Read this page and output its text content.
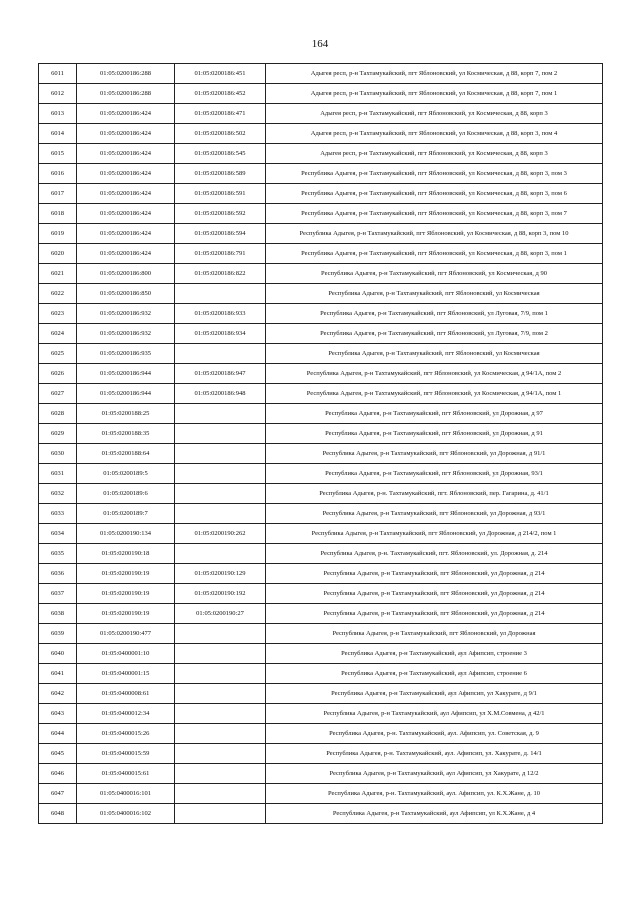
164
6011	01:05:0200186:288	01:05:0200186:451	Адыгея респ, р-н Тахтамукайский, пгт Яблоновский, ул Космическая, д 88, корп 7, пом 2
6012	01:05:0200186:288	01:05:0200186:452	Адыгея респ, р-н Тахтамукайский, пгт Яблоновский, ул Космическая, д 88, корп 7, пом 1
6013	01:05:0200186:424	01:05:0200186:471	Адыгея респ, р-н Тахтамукайский, пгт Яблоновский, ул Космическая, д 88, корп 3
6014	01:05:0200186:424	01:05:0200186:502	Адыгея респ, р-н Тахтамукайский, пгт Яблоновский, ул Космическая, д 88, корп 3, пом 4
6015	01:05:0200186:424	01:05:0200186:545	Адыгея респ, р-н Тахтамукайский, пгт Яблоновский, ул Космическая, д 88, корп 3
6016	01:05:0200186:424	01:05:0200186:589	Республика Адыгея, р-н Тахтамукайский, пгт Яблоновский, ул Космическая, д 88, корп 3, пом 3
6017	01:05:0200186:424	01:05:0200186:591	Республика Адыгея, р-н Тахтамукайский, пгт Яблоновский, ул Космическая, д 88, корп 3, пом 6
6018	01:05:0200186:424	01:05:0200186:592	Республика Адыгея, р-н Тахтамукайский, пгт Яблоновский, ул Космическая, д 88, корп 3, пом 7
6019	01:05:0200186:424	01:05:0200186:594	Республика Адыгея, р-н Тахтамукайский, пгт Яблоновский, ул Космическая, д 88, корп 3, пом 10
6020	01:05:0200186:424	01:05:0200186:791	Республика Адыгея, р-н Тахтамукайский, пгт Яблоновский, ул Космическая, д 88, корп 3, пом 1
6021	01:05:0200186:800	01:05:0200186:822	Республика Адыгея, р-н Тахтамукайский, пгт Яблоновский, ул Космическая, д 90
6022	01:05:0200186:850		Республика Адыгея, р-н Тахтамукайский, пгт Яблоновский, ул Космическая
6023	01:05:0200186:932	01:05:0200186:933	Республика Адыгея, р-н Тахтамукайский, пгт Яблоновский, ул Луговая, 7/9, пом 1
6024	01:05:0200186:932	01:05:0200186:934	Республика Адыгея, р-н Тахтамукайский, пгт Яблоновский, ул Луговая, 7/9, пом 2
6025	01:05:0200186:935		Республика Адыгея, р-н Тахтамукайский, пгт Яблоновский, ул Космическая
6026	01:05:0200186:944	01:05:0200186:947	Республика Адыгея, р-н Тахтамукайский, пгт Яблоновский, ул Космическая, д 94/1А, пом 2
6027	01:05:0200186:944	01:05:0200186:948	Республика Адыгея, р-н Тахтамукайский, пгт Яблоновский, ул Космическая, д 94/1А, пом 1
6028	01:05:0200188:25		Республика Адыгея, р-н Тахтамукайский, пгт Яблоновский, ул Дорожная, д 97
6029	01:05:0200188:35		Республика Адыгея, р-н Тахтамукайский, пгт Яблоновский, ул Дорожная, д 91
6030	01:05:0200188:64		Республика Адыгея, р-н Тахтамукайский, пгт Яблоновский, ул Дорожная, д 91/1
6031	01:05:0200189:5		Республика Адыгея, р-н Тахтамукайский, пгт Яблоновский, ул Дорожная, 93/1
6032	01:05:0200189:6		Республика Адыгея, р-н. Тахтамукайский, пгт. Яблоновский, пер. Гагарина, д. 41/1
6033	01:05:0200189:7		Республика Адыгея, р-н Тахтамукайский, пгт Яблоновский, ул Дорожная, д 93/1
6034	01:05:0200190:134	01:05:0200190:262	Республика Адыгея, р-н Тахтамукайский, пгт Яблоновский, ул Дорожная, д 214/2, пом 1
6035	01:05:0200190:18		Республика Адыгея, р-н. Тахтамукайский, пгт. Яблоновский, ул. Дорожная, д. 214
6036	01:05:0200190:19	01:05:0200190:129	Республика Адыгея, р-н Тахтамукайский, пгт Яблоновский, ул Дорожная, д 214
6037	01:05:0200190:19	01:05:0200190:192	Республика Адыгея, р-н Тахтамукайский, пгт Яблоновский, ул Дорожная, д 214
6038	01:05:0200190:19	01:05:0200190:27	Республика Адыгея, р-н Тахтамукайский, пгт Яблоновский, ул Дорожная, д 214
6039	01:05:0200190:477		Республика Адыгея, р-н Тахтамукайский, пгт Яблоновский, ул Дорожная
6040	01:05:0400001:10		Республика Адыгея, р-н Тахтамукайский, аул Афипсип, строение 3
6041	01:05:0400001:15		Республика Адыгея, р-н Тахтамукайский, аул Афипсип, строение 6
6042	01:05:0400008:61		Республика Адыгея, р-н Тахтамукайский, аул Афипсип, ул Хакурате, д 9/1
6043	01:05:0400012:34		Республика Адыгея, р-н Тахтамукайский, аул Афипсип, ул Х.М.Совмена, д 42/1
6044	01:05:0400015:26		Республика Адыгея, р-н. Тахтамукайский, аул. Афипсип, ул. Советская, д. 9
6045	01:05:0400015:59		Республика Адыгея, р-н. Тахтамукайский, аул. Афипсип, ул. Хакурате, д. 14/1
6046	01:05:0400015:61		Республика Адыгея, р-н Тахтамукайский, аул Афипсип, ул Хакурате, д 12/2
6047	01:05:0400016:101		Республика Адыгея, р-н. Тахтамукайский, аул. Афипсип, ул. К.Х.Жане, д. 10
6048	01:05:0400016:102		Республика Адыгея, р-н Тахтамукайский, аул Афипсип, ул К.Х.Жане, д 4
